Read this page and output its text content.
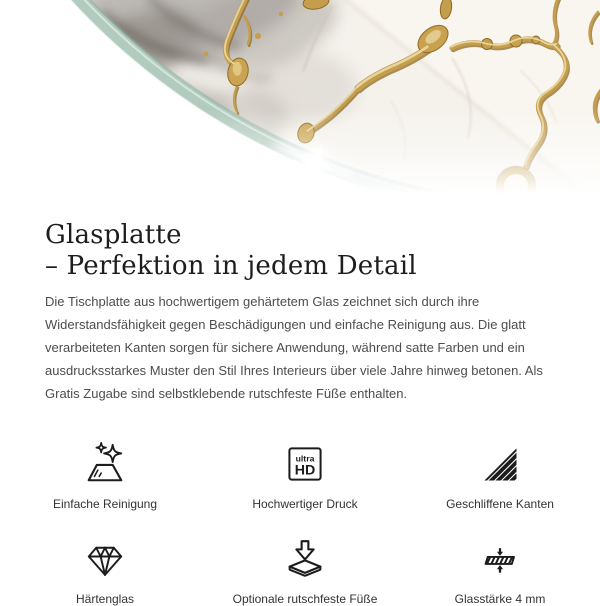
Glasplatte
– Perfektion in jedem Detail

Die Tischplatte aus hochwertigem gehärtetem Glas zeichnet sich durch ihre Widerstandsfähigkeit gegen Beschädigungen und einfache Reinigung aus. Die glatt verarbeiteten Kanten sorgen für sichere Anwendung, während satte Farben und ein ausdrucksstarkes Muster den Stil Ihres Interieurs über viele Jahre hinweg betonen. Als Gratis Zugabe sind selbstklebende rutschfeste Füße enthalten.

Einfache Reinigung
ultra
HD
Hochwertiger Druck	Geschliffene Kanten
Härtenglas	Optionale rutschfeste Füße	Glasstärke 4 mm
